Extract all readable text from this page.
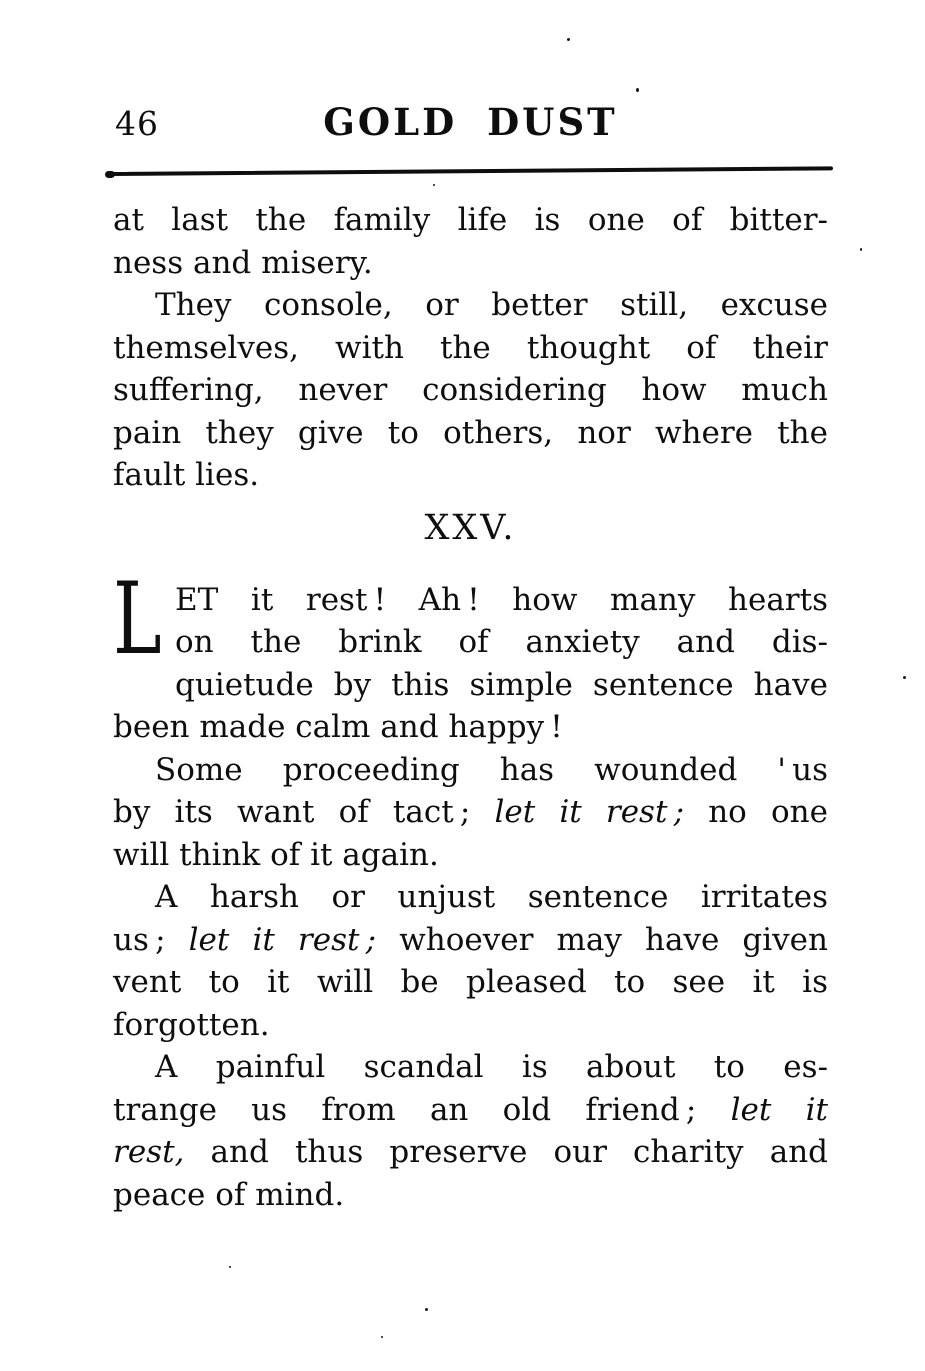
46	GOLD DUST
at last the family life is one of bitter-
ness and misery.
They console, or better still, excuse
themselves, with the thought of their
suffering, never considering how much
pain they give to others, nor where the
fault lies.
XXV.
L ET it rest ! Ah ! how many hearts
on the brink of anxiety and dis-
quietude by this simple sentence have
been made calm and happy !
Some proceeding has wounded ' us
by its want of tact ; let it rest ; no one
will think of it again.
A harsh or unjust sentence irritates
us ; let it rest ; whoever may have given
vent to it will be pleased to see it is
forgotten.
A painful scandal is about to es-
trange us from an old friend ; let it
rest, and thus preserve our charity and
peace of mind.
